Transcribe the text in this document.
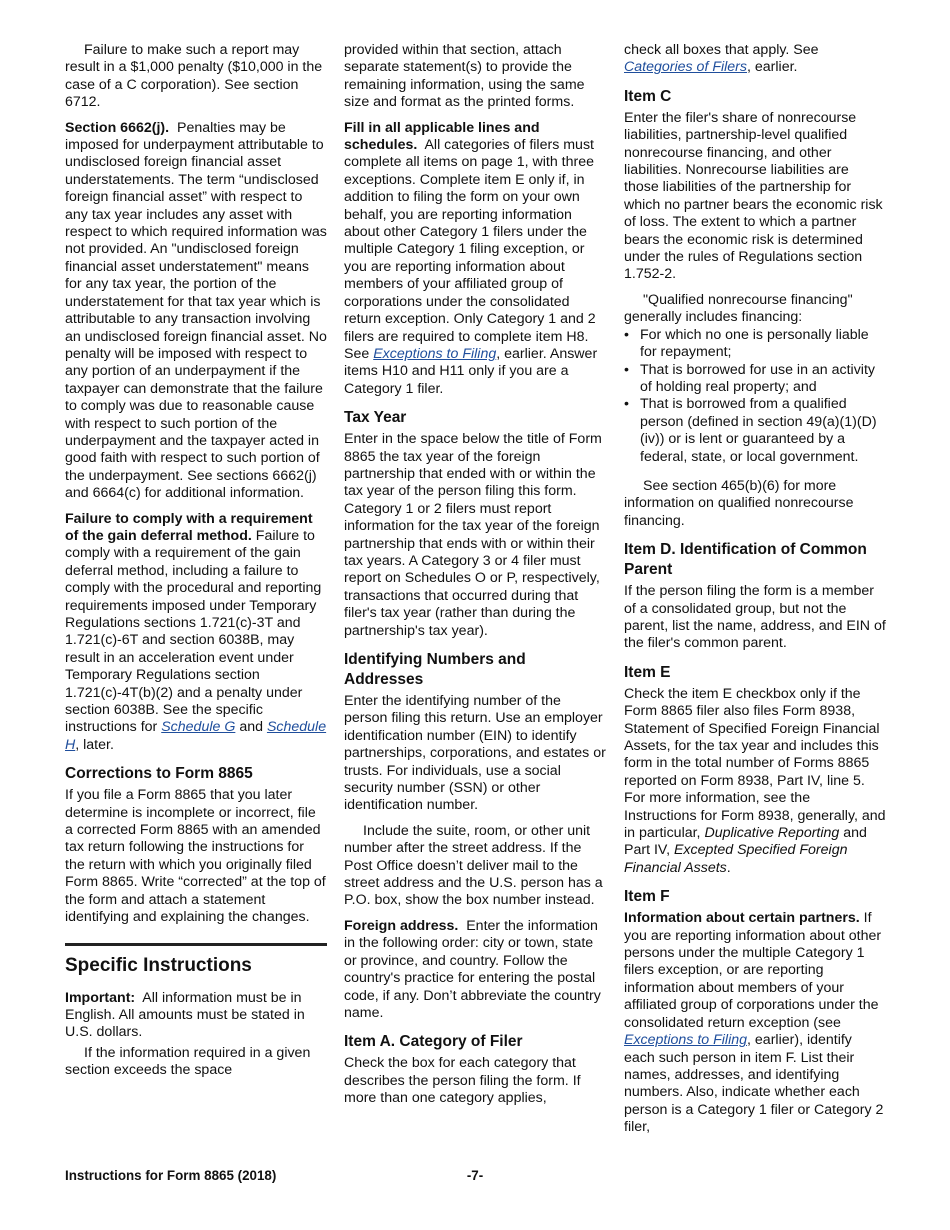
Failure to make such a report may result in a $1,000 penalty ($10,000 in the case of a C corporation). See section 6712.

Section 6662(j). Penalties may be imposed for underpayment attributable to undisclosed foreign financial asset understatements. The term “undisclosed foreign financial asset” with respect to any tax year includes any asset with respect to which required information was not provided. An "undisclosed foreign financial asset understatement" means for any tax year, the portion of the understatement for that tax year which is attributable to any transaction involving an undisclosed foreign financial asset. No penalty will be imposed with respect to any portion of an underpayment if the taxpayer can demonstrate that the failure to comply was due to reasonable cause with respect to such portion of the underpayment and the taxpayer acted in good faith with respect to such portion of the underpayment. See sections 6662(j) and 6664(c) for additional information.

Failure to comply with a requirement of the gain deferral method. Failure to comply with a requirement of the gain deferral method, including a failure to comply with the procedural and reporting requirements imposed under Temporary Regulations sections 1.721(c)-3T and 1.721(c)-6T and section 6038B, may result in an acceleration event under Temporary Regulations section 1.721(c)-4T(b)(2) and a penalty under section 6038B. See the specific instructions for Schedule G and Schedule H, later.

Corrections to Form 8865

If you file a Form 8865 that you later determine is incomplete or incorrect, file a corrected Form 8865 with an amended tax return following the instructions for the return with which you originally filed Form 8865. Write “corrected” at the top of the form and attach a statement identifying and explaining the changes.

Specific Instructions

Important: All information must be in English. All amounts must be stated in U.S. dollars.

If the information required in a given section exceeds the space

provided within that section, attach separate statement(s) to provide the remaining information, using the same size and format as the printed forms.

Fill in all applicable lines and schedules. All categories of filers must complete all items on page 1, with three exceptions. Complete item E only if, in addition to filing the form on your own behalf, you are reporting information about other Category 1 filers under the multiple Category 1 filing exception, or you are reporting information about members of your affiliated group of corporations under the consolidated return exception. Only Category 1 and 2 filers are required to complete item H8. See Exceptions to Filing, earlier. Answer items H10 and H11 only if you are a Category 1 filer.

Tax Year

Enter in the space below the title of Form 8865 the tax year of the foreign partnership that ended with or within the tax year of the person filing this form. Category 1 or 2 filers must report information for the tax year of the foreign partnership that ends with or within their tax years. A Category 3 or 4 filer must report on Schedules O or P, respectively, transactions that occurred during that filer's tax year (rather than during the partnership's tax year).

Identifying Numbers and Addresses

Enter the identifying number of the person filing this return. Use an employer identification number (EIN) to identify partnerships, corporations, and estates or trusts. For individuals, use a social security number (SSN) or other identification number.

Include the suite, room, or other unit number after the street address. If the Post Office doesn’t deliver mail to the street address and the U.S. person has a P.O. box, show the box number instead.

Foreign address. Enter the information in the following order: city or town, state or province, and country. Follow the country's practice for entering the postal code, if any. Don’t abbreviate the country name.

Item A. Category of Filer

Check the box for each category that describes the person filing the form. If more than one category applies,

check all boxes that apply. See Categories of Filers, earlier.

Item C

Enter the filer's share of nonrecourse liabilities, partnership-level qualified nonrecourse financing, and other liabilities. Nonrecourse liabilities are those liabilities of the partnership for which no partner bears the economic risk of loss. The extent to which a partner bears the economic risk is determined under the rules of Regulations section 1.752-2.

"Qualified nonrecourse financing" generally includes financing:

• For which no one is personally liable for repayment;
• That is borrowed for use in an activity of holding real property; and
• That is borrowed from a qualified person (defined in section 49(a)(1)(D)(iv)) or is lent or guaranteed by a federal, state, or local government.

See section 465(b)(6) for more information on qualified nonrecourse financing.

Item D. Identification of Common Parent

If the person filing the form is a member of a consolidated group, but not the parent, list the name, address, and EIN of the filer's common parent.

Item E

Check the item E checkbox only if the Form 8865 filer also files Form 8938, Statement of Specified Foreign Financial Assets, for the tax year and includes this form in the total number of Forms 8865 reported on Form 8938, Part IV, line 5. For more information, see the Instructions for Form 8938, generally, and in particular, Duplicative Reporting and Part IV, Excepted Specified Foreign Financial Assets.

Item F

Information about certain partners. If you are reporting information about other persons under the multiple Category 1 filers exception, or are reporting information about members of your affiliated group of corporations under the consolidated return exception (see Exceptions to Filing, earlier), identify each such person in item F. List their names, addresses, and identifying numbers. Also, indicate whether each person is a Category 1 filer or Category 2 filer,

Instructions for Form 8865 (2018)	-7-
